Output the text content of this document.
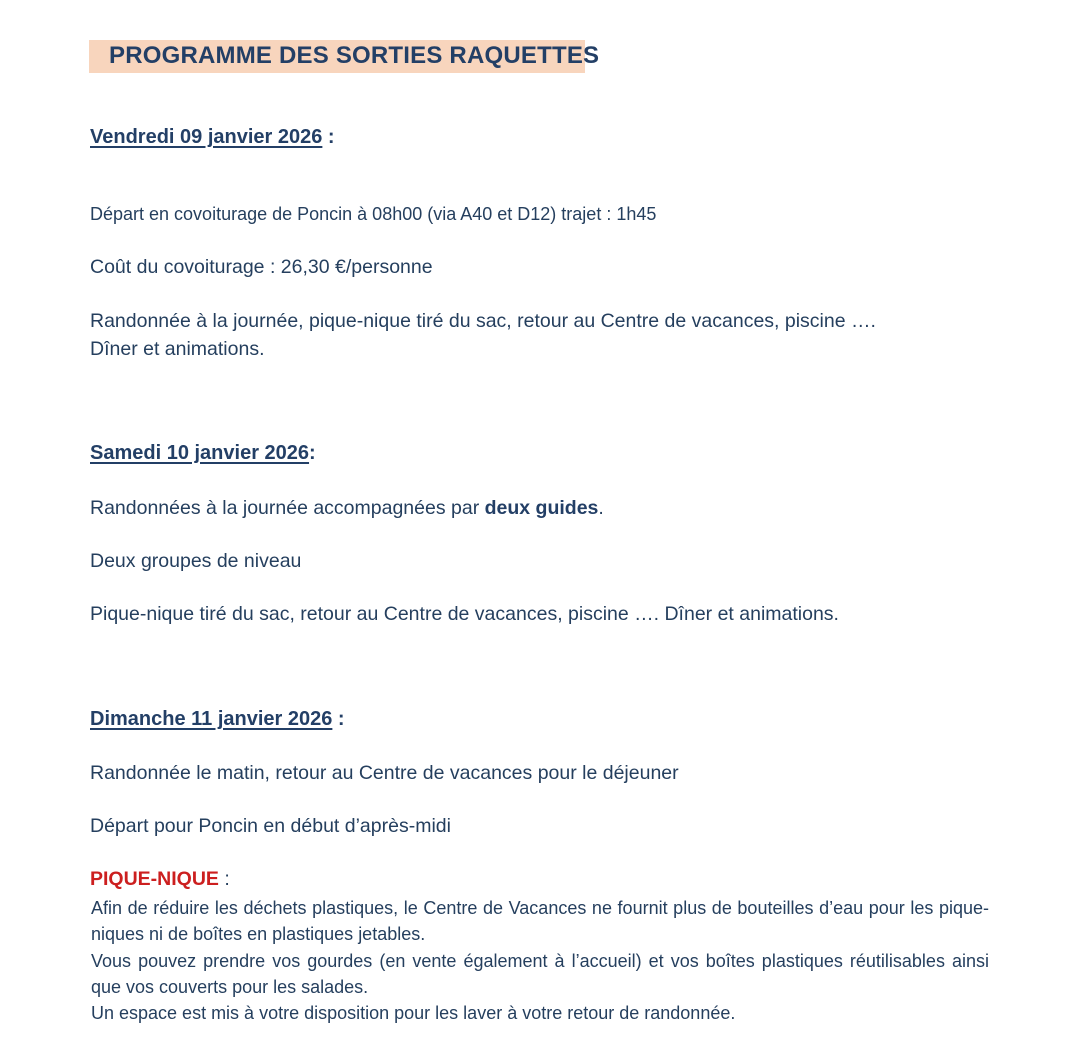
PROGRAMME DES SORTIES RAQUETTES
Vendredi 09 janvier 2026 :
Départ en covoiturage de Poncin à 08h00 (via A40 et D12) trajet : 1h45
Coût du covoiturage : 26,30 €/personne
Randonnée à la journée, pique-nique tiré du sac, retour au Centre de vacances, piscine ….
Dîner et animations.
Samedi 10 janvier 2026:
Randonnées à la journée accompagnées par deux guides.
Deux groupes de niveau
Pique-nique tiré du sac, retour au Centre de vacances, piscine …. Dîner et animations.
Dimanche 11 janvier 2026 :
Randonnée le matin, retour au Centre de vacances pour le déjeuner
Départ pour Poncin en début d’après-midi
PIQUE-NIQUE :
Afin de réduire les déchets plastiques, le Centre de Vacances ne fournit plus de bouteilles d’eau pour les pique-niques ni de boîtes en plastiques jetables.
Vous pouvez prendre vos gourdes (en vente également à l’accueil) et vos boîtes plastiques réutilisables ainsi que vos couverts pour les salades.
Un espace est mis à votre disposition pour les laver à votre retour de randonnée.
